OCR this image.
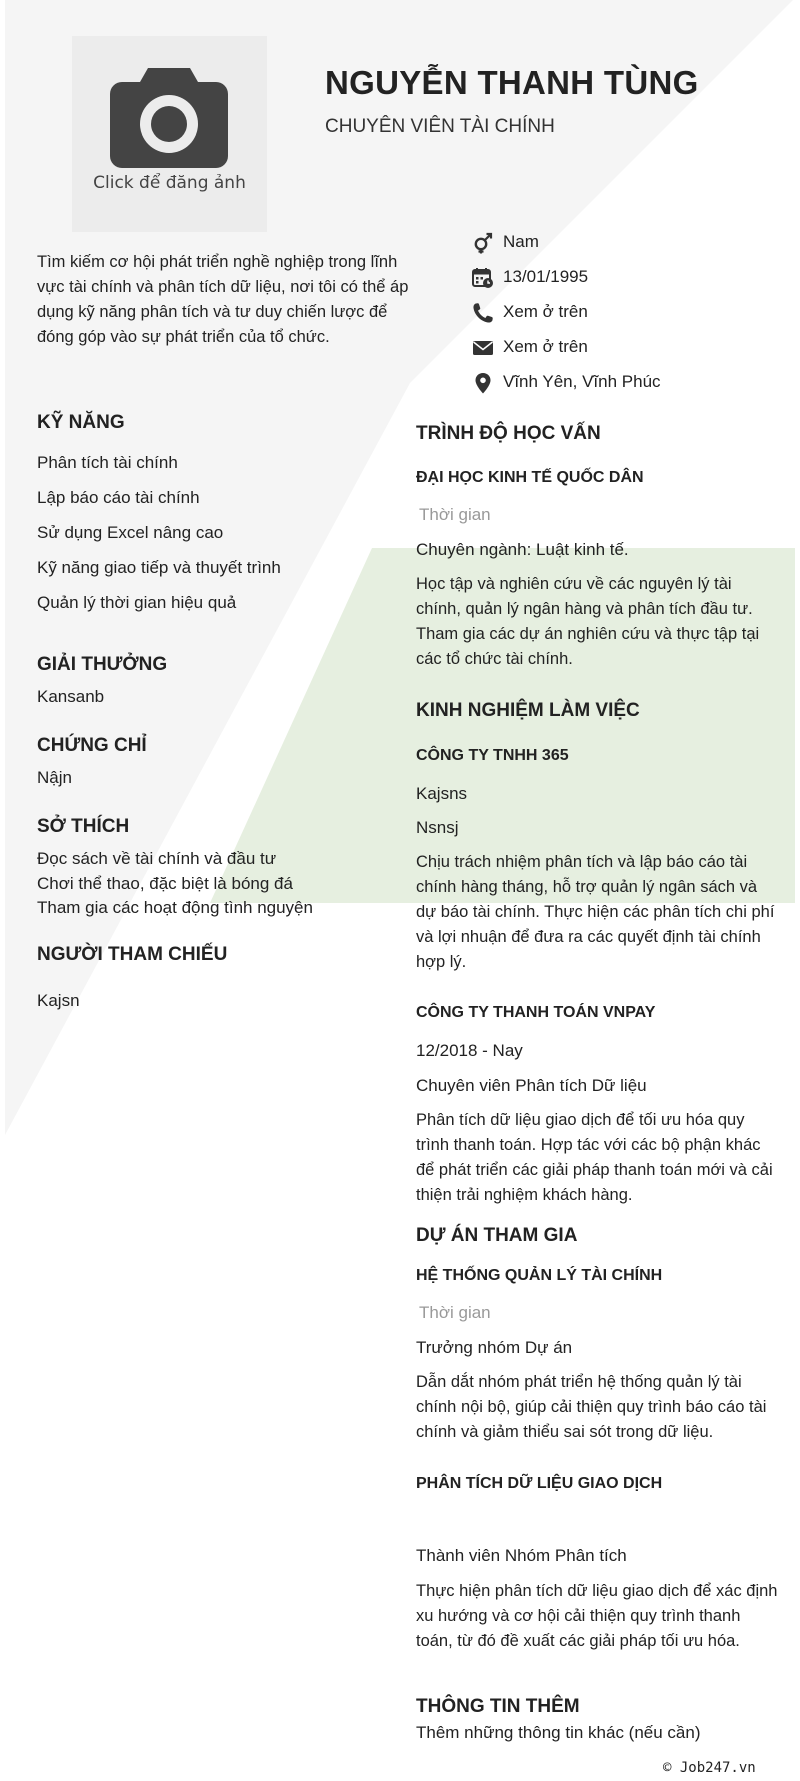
Click để đăng ảnh
NGUYỄN THANH TÙNG
CHUYÊN VIÊN TÀI CHÍNH
Tìm kiếm cơ hội phát triển nghề nghiệp trong lĩnh vực tài chính và phân tích dữ liệu, nơi tôi có thể áp dụng kỹ năng phân tích và tư duy chiến lược để đóng góp vào sự phát triển của tổ chức.
Nam
13/01/1995
Xem ở trên
Xem ở trên
Vĩnh Yên, Vĩnh Phúc
KỸ NĂNG
Phân tích tài chính
Lập báo cáo tài chính
Sử dụng Excel nâng cao
Kỹ năng giao tiếp và thuyết trình
Quản lý thời gian hiệu quả
GIẢI THƯỞNG
Kansanb
CHỨNG CHỈ
Nậjn
SỞ THÍCH
Đọc sách về tài chính và đầu tư
Chơi thể thao, đặc biệt là bóng đá
Tham gia các hoạt động tình nguyện
NGƯỜI THAM CHIẾU
Kajsn
TRÌNH ĐỘ HỌC VẤN
ĐẠI HỌC KINH TẾ QUỐC DÂN
Thời gian
Chuyên ngành: Luật kinh tế.
Học tập và nghiên cứu về các nguyên lý tài chính, quản lý ngân hàng và phân tích đầu tư. Tham gia các dự án nghiên cứu và thực tập tại các tổ chức tài chính.
KINH NGHIỆM LÀM VIỆC
CÔNG TY TNHH 365
Kajsns
Nsnsj
Chịu trách nhiệm phân tích và lập báo cáo tài chính hàng tháng, hỗ trợ quản lý ngân sách và dự báo tài chính. Thực hiện các phân tích chi phí và lợi nhuận để đưa ra các quyết định tài chính hợp lý.
CÔNG TY THANH TOÁN VNPAY
12/2018 - Nay
Chuyên viên Phân tích Dữ liệu
Phân tích dữ liệu giao dịch để tối ưu hóa quy trình thanh toán. Hợp tác với các bộ phận khác để phát triển các giải pháp thanh toán mới và cải thiện trải nghiệm khách hàng.
DỰ ÁN THAM GIA
HỆ THỐNG QUẢN LÝ TÀI CHÍNH
Thời gian
Trưởng nhóm Dự án
Dẫn dắt nhóm phát triển hệ thống quản lý tài chính nội bộ, giúp cải thiện quy trình báo cáo tài chính và giảm thiểu sai sót trong dữ liệu.
PHÂN TÍCH DỮ LIỆU GIAO DỊCH
Thành viên Nhóm Phân tích
Thực hiện phân tích dữ liệu giao dịch để xác định xu hướng và cơ hội cải thiện quy trình thanh toán, từ đó đề xuất các giải pháp tối ưu hóa.
THÔNG TIN THÊM
Thêm những thông tin khác (nếu cần)
© Job247.vn
